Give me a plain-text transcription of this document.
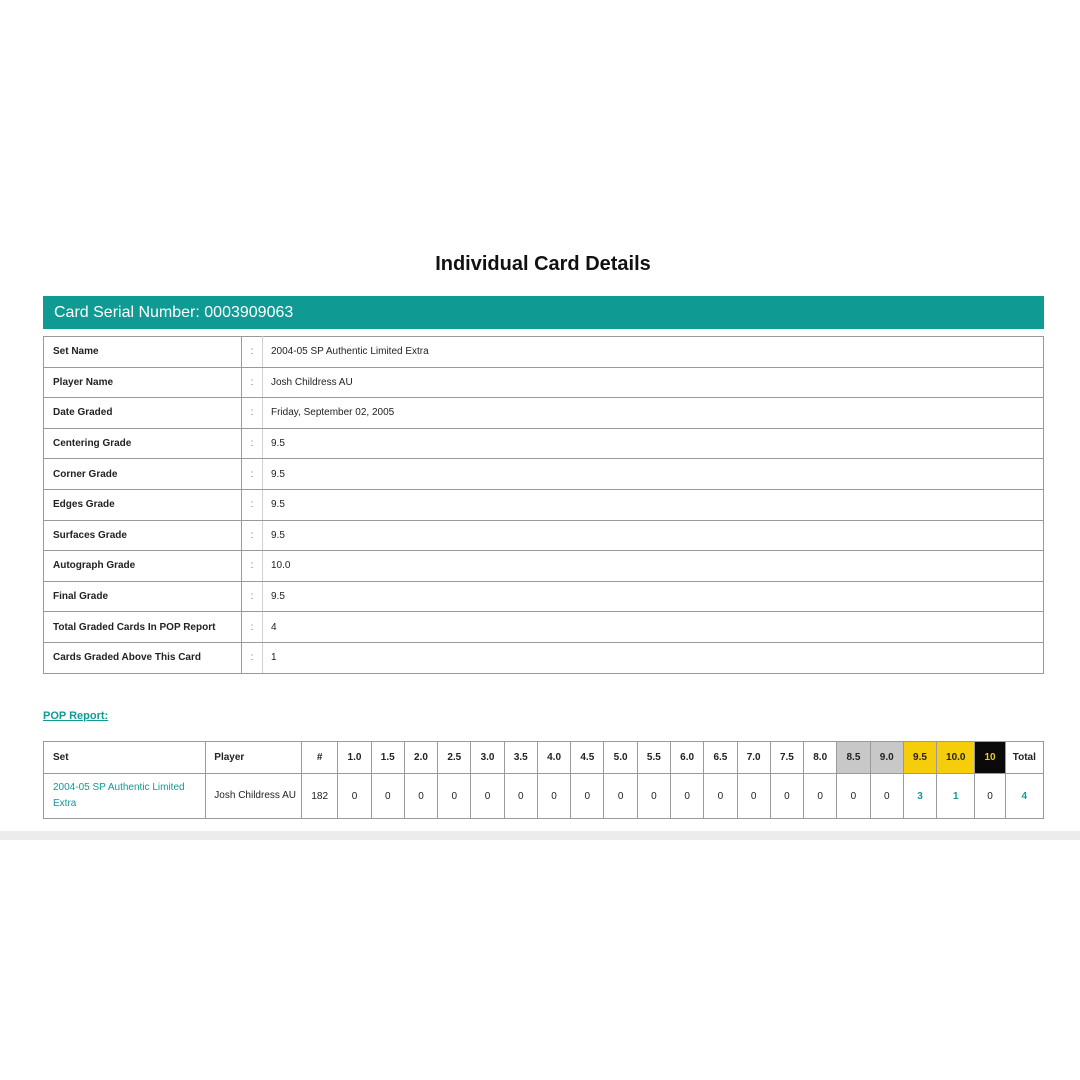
Individual Card Details
Card Serial Number: 0003909063
Set Name	:	2004-05 SP Authentic Limited Extra
Player Name	:	Josh Childress AU
Date Graded	:	Friday, September 02, 2005
Centering Grade	:	9.5
Corner Grade	:	9.5
Edges Grade	:	9.5
Surfaces Grade	:	9.5
Autograph Grade	:	10.0
Final Grade	:	9.5
Total Graded Cards In POP Report	:	4
Cards Graded Above This Card	:	1
POP Report:
Set	Player	#	1.0	1.5	2.0	2.5	3.0	3.5	4.0	4.5	5.0	5.5	6.0	6.5	7.0	7.5	8.0	8.5	9.0	9.5	10.0	10	Total
2004-05 SP Authentic Limited Extra	Josh Childress AU	182	0	0	0	0	0	0	0	0	0	0	0	0	0	0	0	0	0	3	1	0	4
